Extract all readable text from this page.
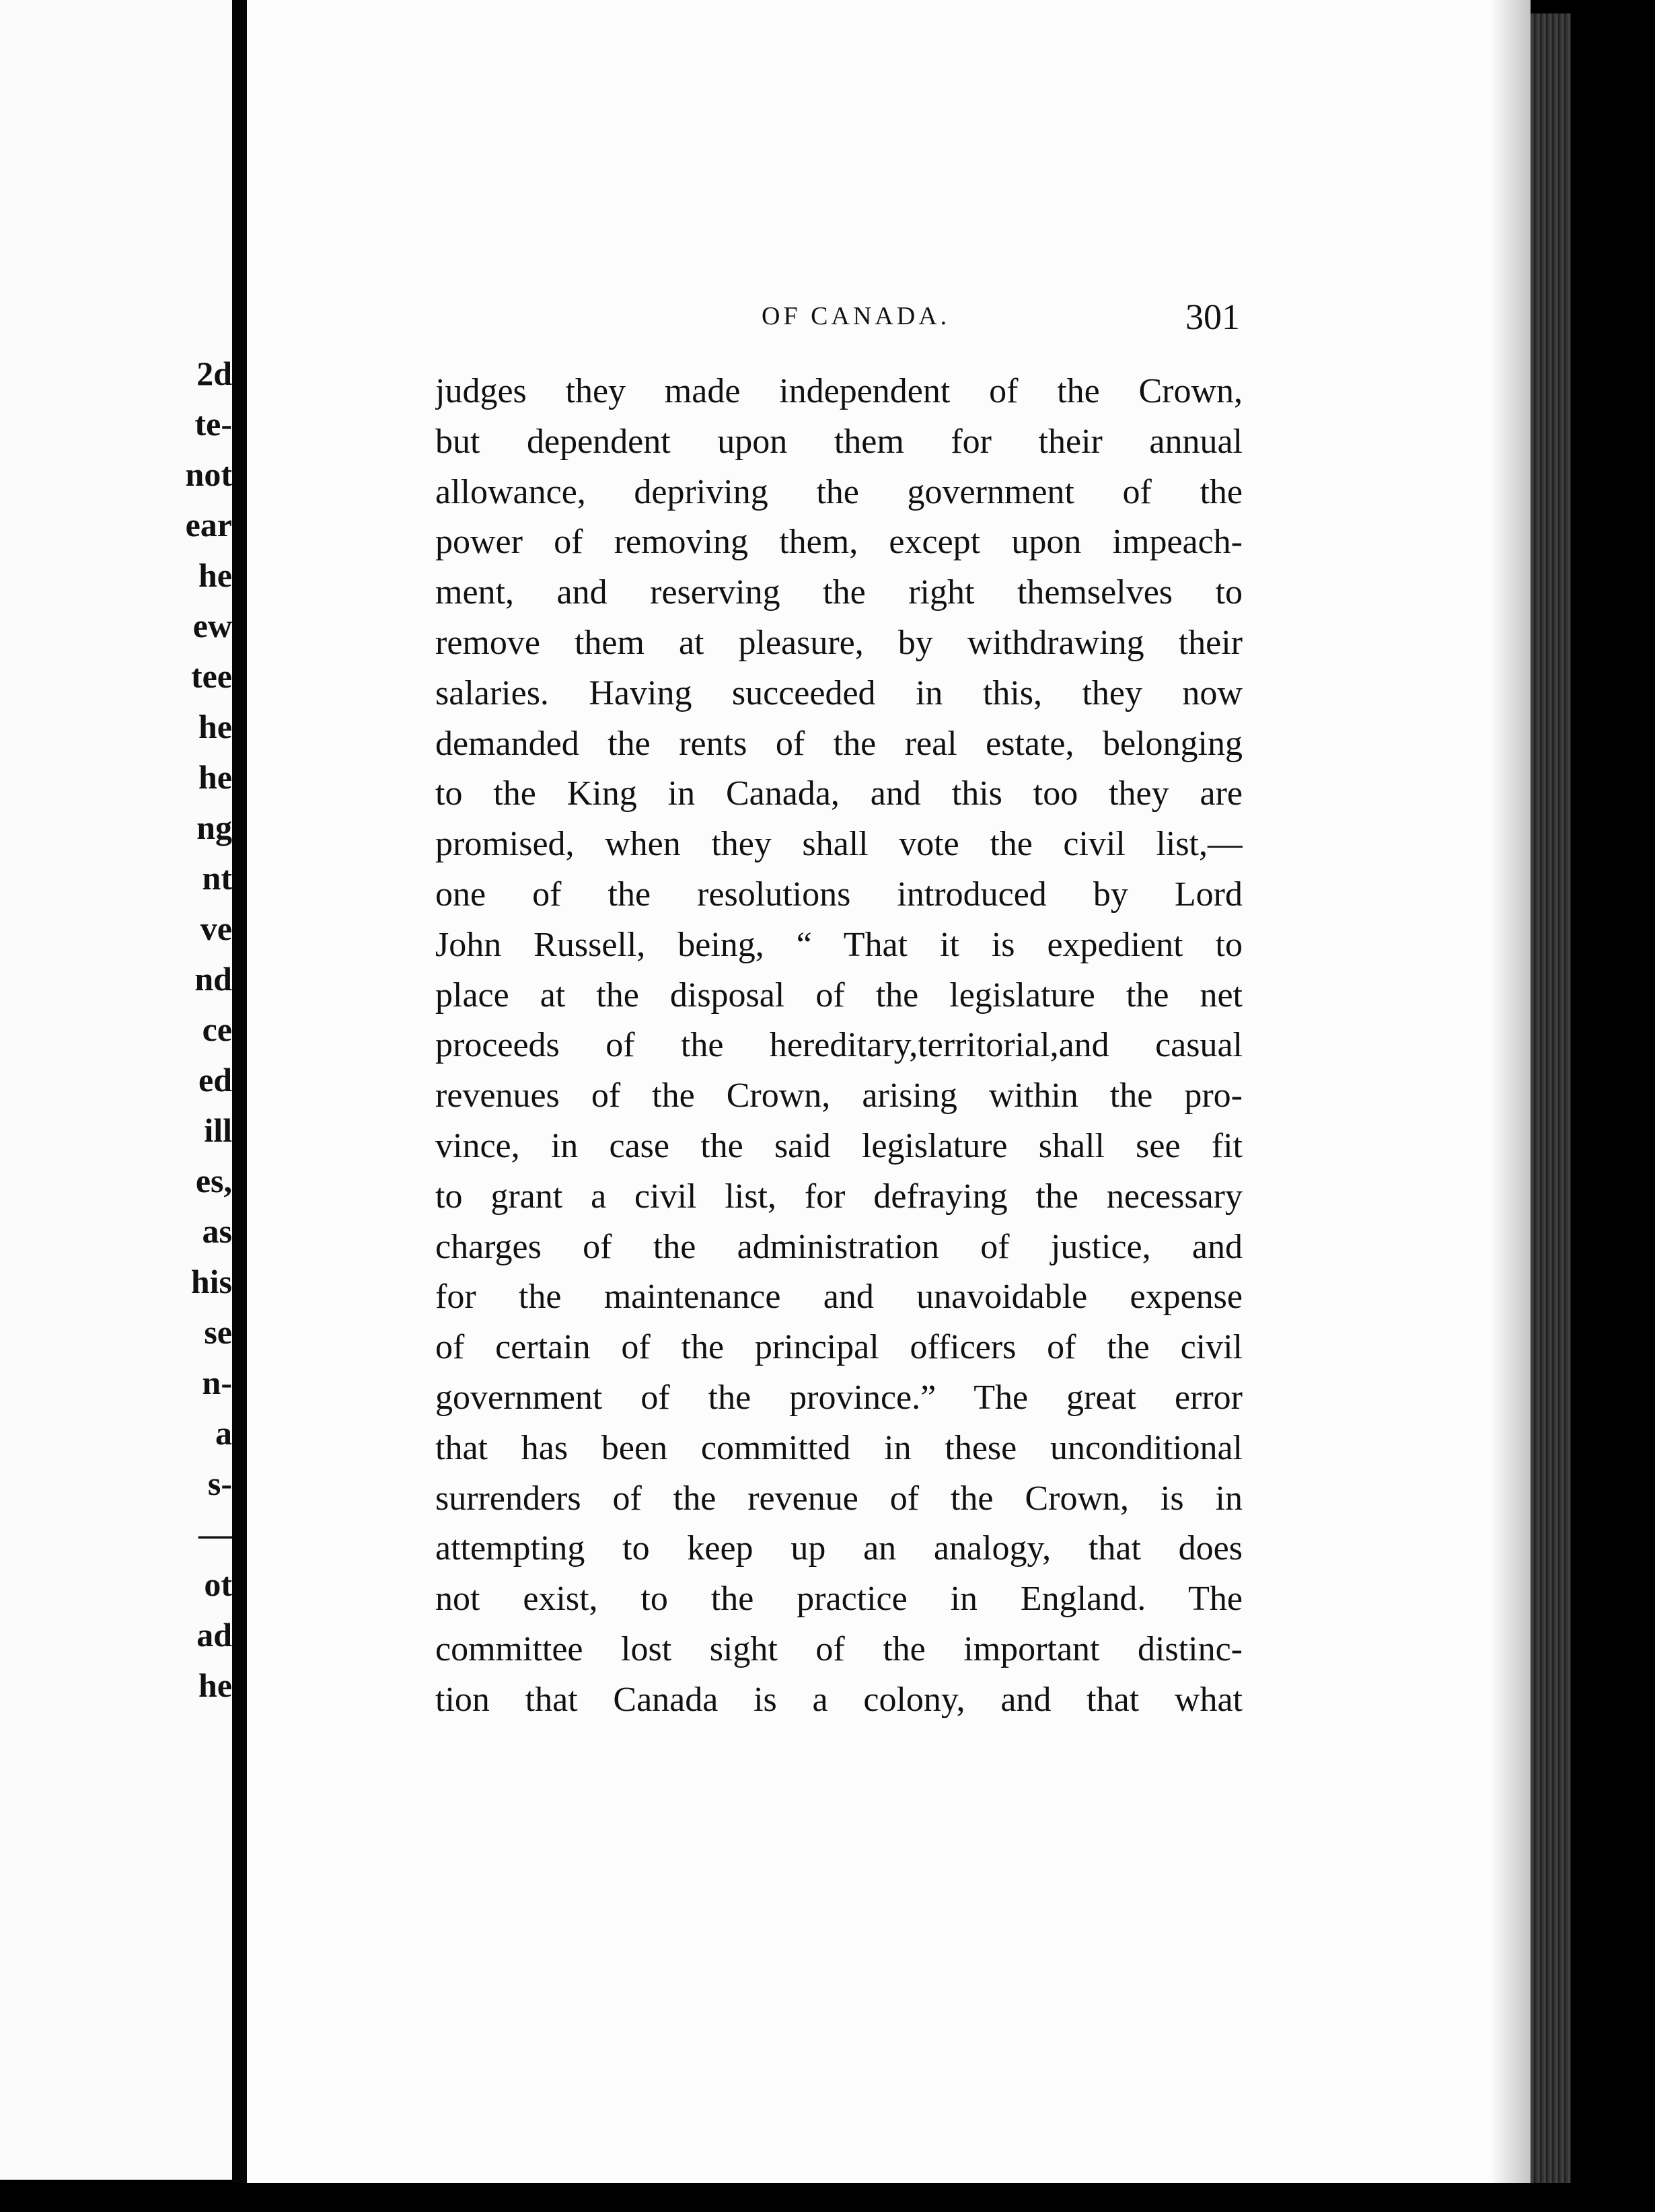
2d
te-
not
ear
he
ew
tee
he
he
ng
nt
ve
nd
ce
ed
ill
es,
as
his
se
n-
a
s-
—
ot
ad
he
OF CANADA.	301
judges they made independent of the Crown,
but dependent upon them for their annual
allowance, depriving the government of the
power of removing them, except upon impeach-
ment, and reserving the right themselves to
remove them at pleasure, by withdrawing their
salaries. Having succeeded in this, they now
demanded the rents of the real estate, belonging
to the King in Canada, and this too they are
promised, when they shall vote the civil list,—
one of the resolutions introduced by Lord
John Russell, being, “ That it is expedient to
place at the disposal of the legislature the net
proceeds of the hereditary,territorial,and casual
revenues of the Crown, arising within the pro-
vince, in case the said legislature shall see fit
to grant a civil list, for defraying the necessary
charges of the administration of justice, and
for the maintenance and unavoidable expense
of certain of the principal officers of the civil
government of the province.” The great error
that has been committed in these unconditional
surrenders of the revenue of the Crown, is in
attempting to keep up an analogy, that does
not exist, to the practice in England. The
committee lost sight of the important distinc-
tion that Canada is a colony, and that what
